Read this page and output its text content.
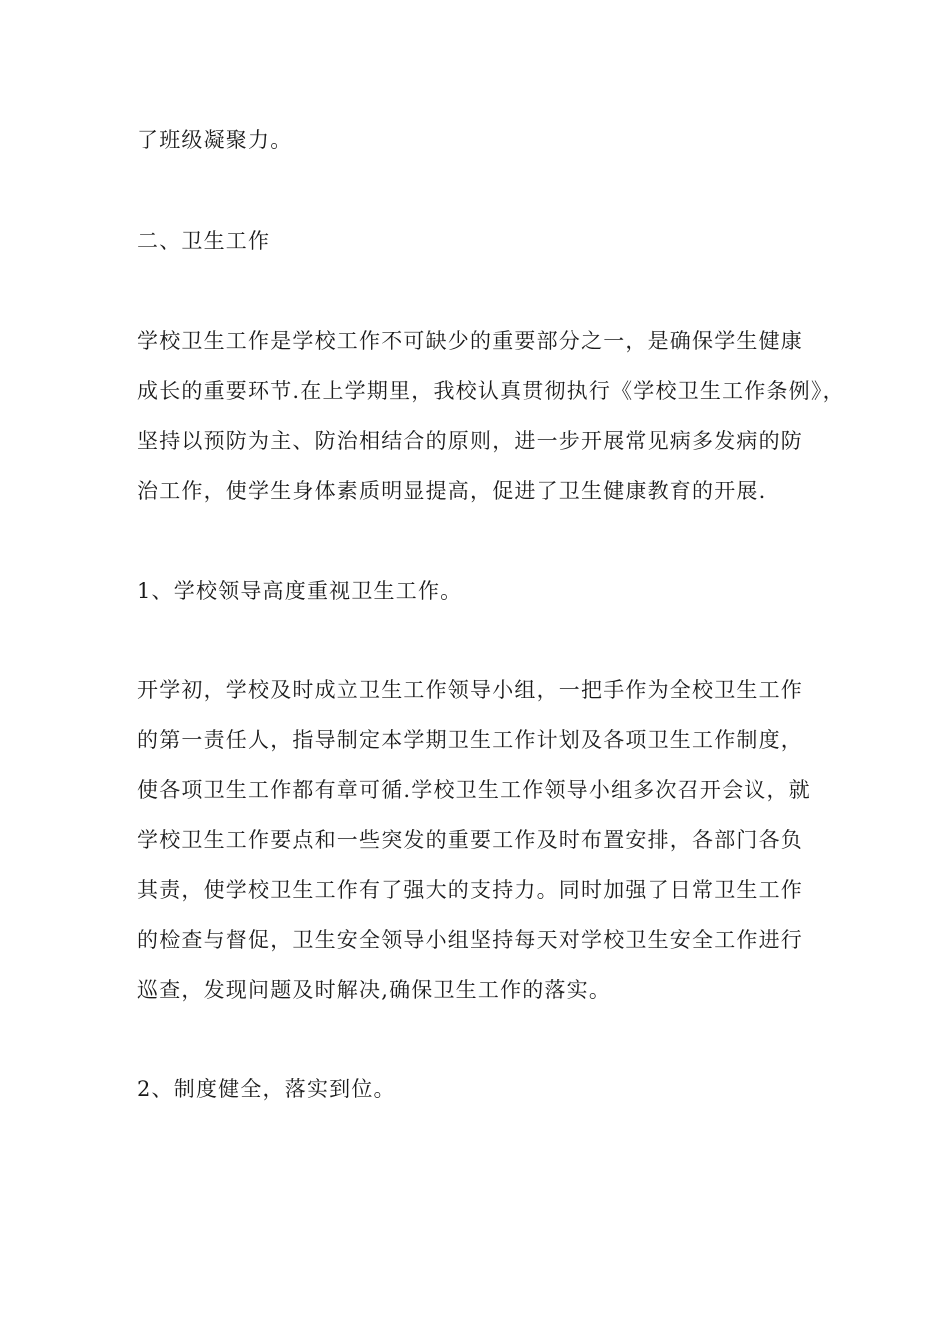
了班级凝聚力。
二、卫生工作
学校卫生工作是学校工作不可缺少的重要部分之一，是确保学生健康
成长的重要环节.在上学期里，我校认真贯彻执行《学校卫生工作条例》，
坚持以预防为主、防治相结合的原则，进一步开展常见病多发病的防
治工作，使学生身体素质明显提高，促进了卫生健康教育的开展.
1、学校领导高度重视卫生工作。
开学初，学校及时成立卫生工作领导小组，一把手作为全校卫生工作
的第一责任人，指导制定本学期卫生工作计划及各项卫生工作制度，
使各项卫生工作都有章可循.学校卫生工作领导小组多次召开会议，就
学校卫生工作要点和一些突发的重要工作及时布置安排，各部门各负
其责，使学校卫生工作有了强大的支持力。同时加强了日常卫生工作
的检查与督促，卫生安全领导小组坚持每天对学校卫生安全工作进行
巡查，发现问题及时解决,确保卫生工作的落实。
2、制度健全，落实到位。
